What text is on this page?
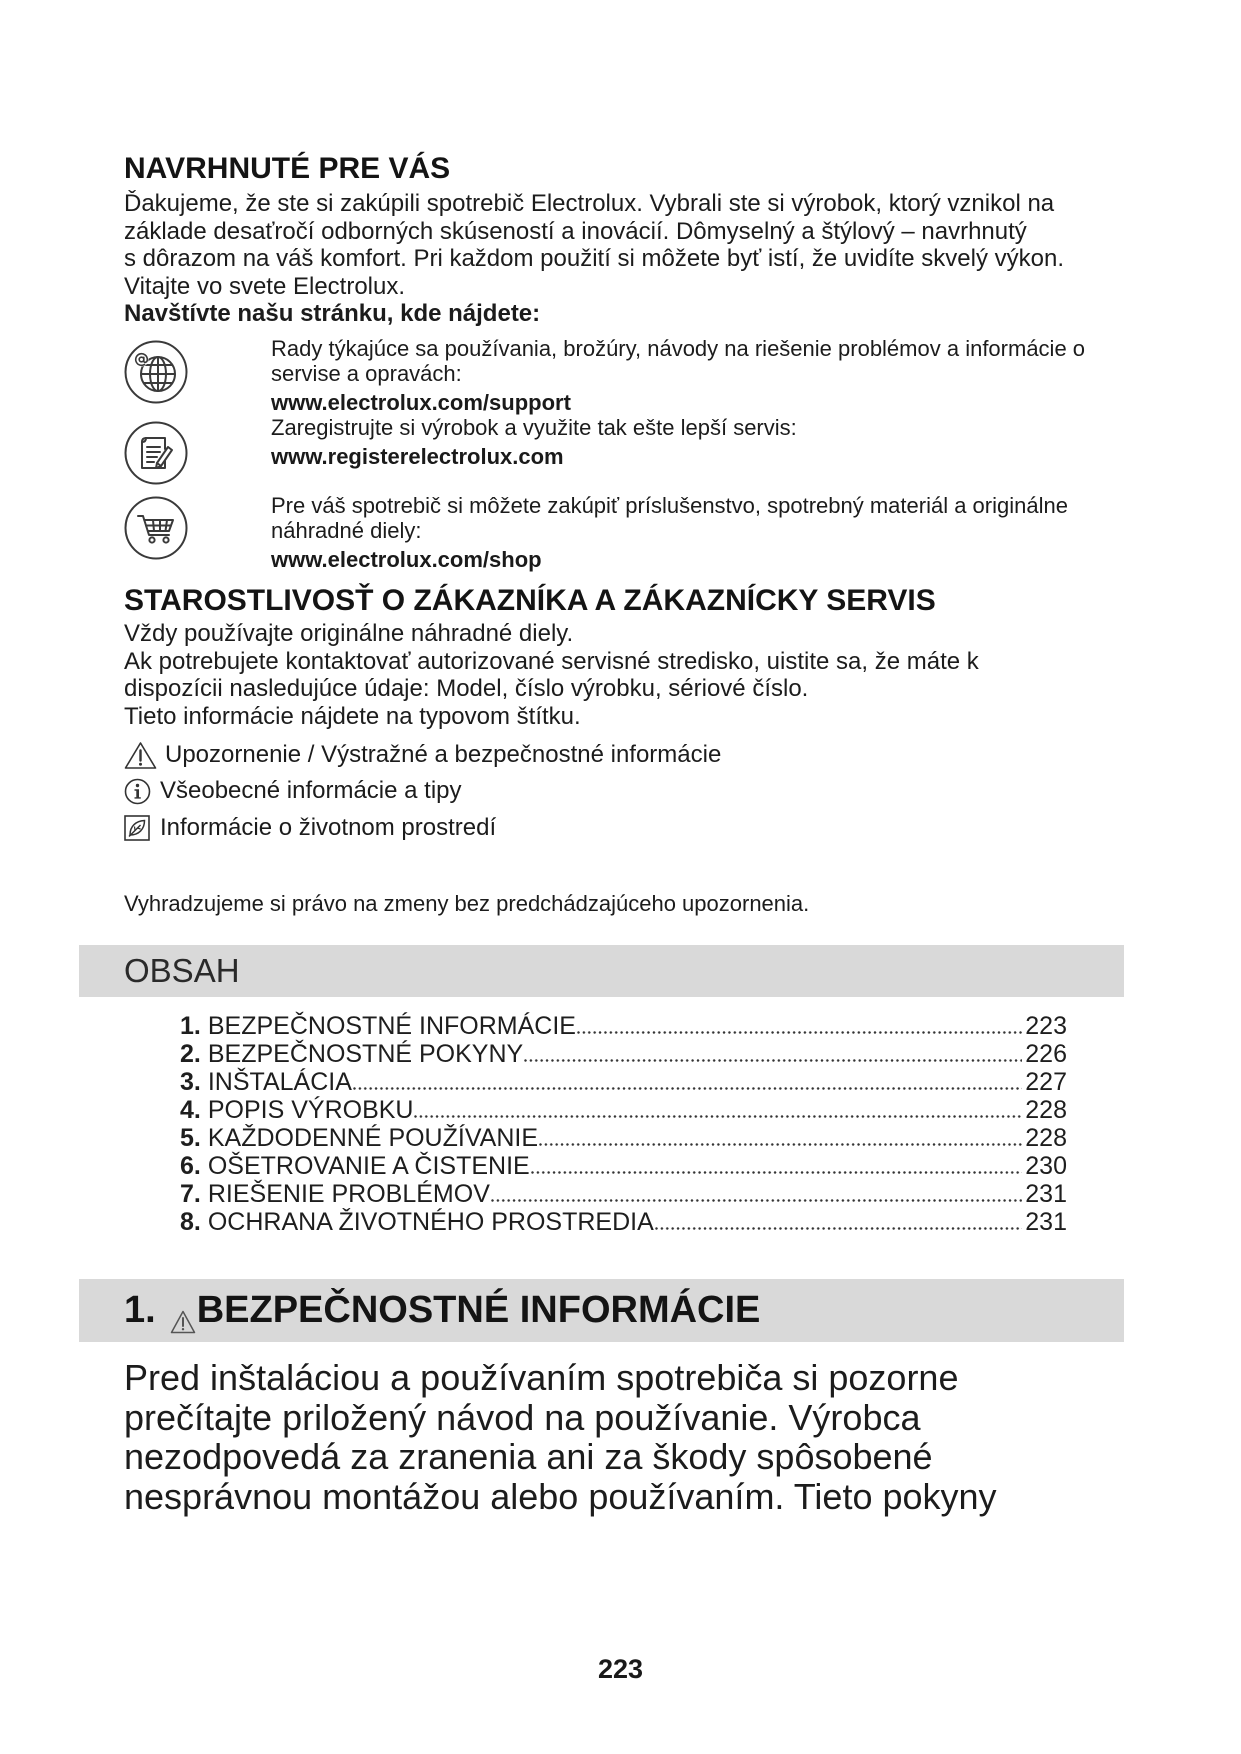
NAVRHNUTÉ PRE VÁS
Ďakujeme, že ste si zakúpili spotrebič Electrolux. Vybrali ste si výrobok, ktorý vznikol na
základe desaťročí odborných skúseností a inovácií. Dômyselný a štýlový – navrhnutý
s dôrazom na váš komfort. Pri každom použití si môžete byť istí, že uvidíte skvelý výkon.
Vitajte vo svete Electrolux.
Navštívte našu stránku, kde nájdete:
Rady týkajúce sa používania, brožúry, návody na riešenie problémov a informácie o
servise a opravách:
www.electrolux.com/support
Zaregistrujte si výrobok a využite tak ešte lepší servis:
www.registerelectrolux.com
Pre váš spotrebič si môžete zakúpiť príslušenstvo, spotrebný materiál a originálne
náhradné diely:
www.electrolux.com/shop
STAROSTLIVOSŤ O ZÁKAZNÍKA A ZÁKAZNÍCKY SERVIS
Vždy používajte originálne náhradné diely.
Ak potrebujete kontaktovať autorizované servisné stredisko, uistite sa, že máte k
dispozícii nasledujúce údaje: Model, číslo výrobku, sériové číslo.
Tieto informácie nájdete na typovom štítku.
Upozornenie / Výstražné a bezpečnostné informácie
Všeobecné informácie a tipy
Informácie o životnom prostredí
Vyhradzujeme si právo na zmeny bez predchádzajúceho upozornenia.
OBSAH
1. BEZPEČNOSTNÉ INFORMÁCIE	223
2. BEZPEČNOSTNÉ POKYNY	226
3. INŠTALÁCIA	227
4. POPIS VÝROBKU	228
5. KAŽDODENNÉ POUŽÍVANIE	228
6. OŠETROVANIE A ČISTENIE	230
7. RIEŠENIE PROBLÉMOV	231
8. OCHRANA ŽIVOTNÉHO PROSTREDIA	231
1. BEZPEČNOSTNÉ INFORMÁCIE
Pred inštaláciou a používaním spotrebiča si pozorne
prečítajte priložený návod na používanie. Výrobca
nezodpovedá za zranenia ani za škody spôsobené
nesprávnou montážou alebo používaním. Tieto pokyny
223
